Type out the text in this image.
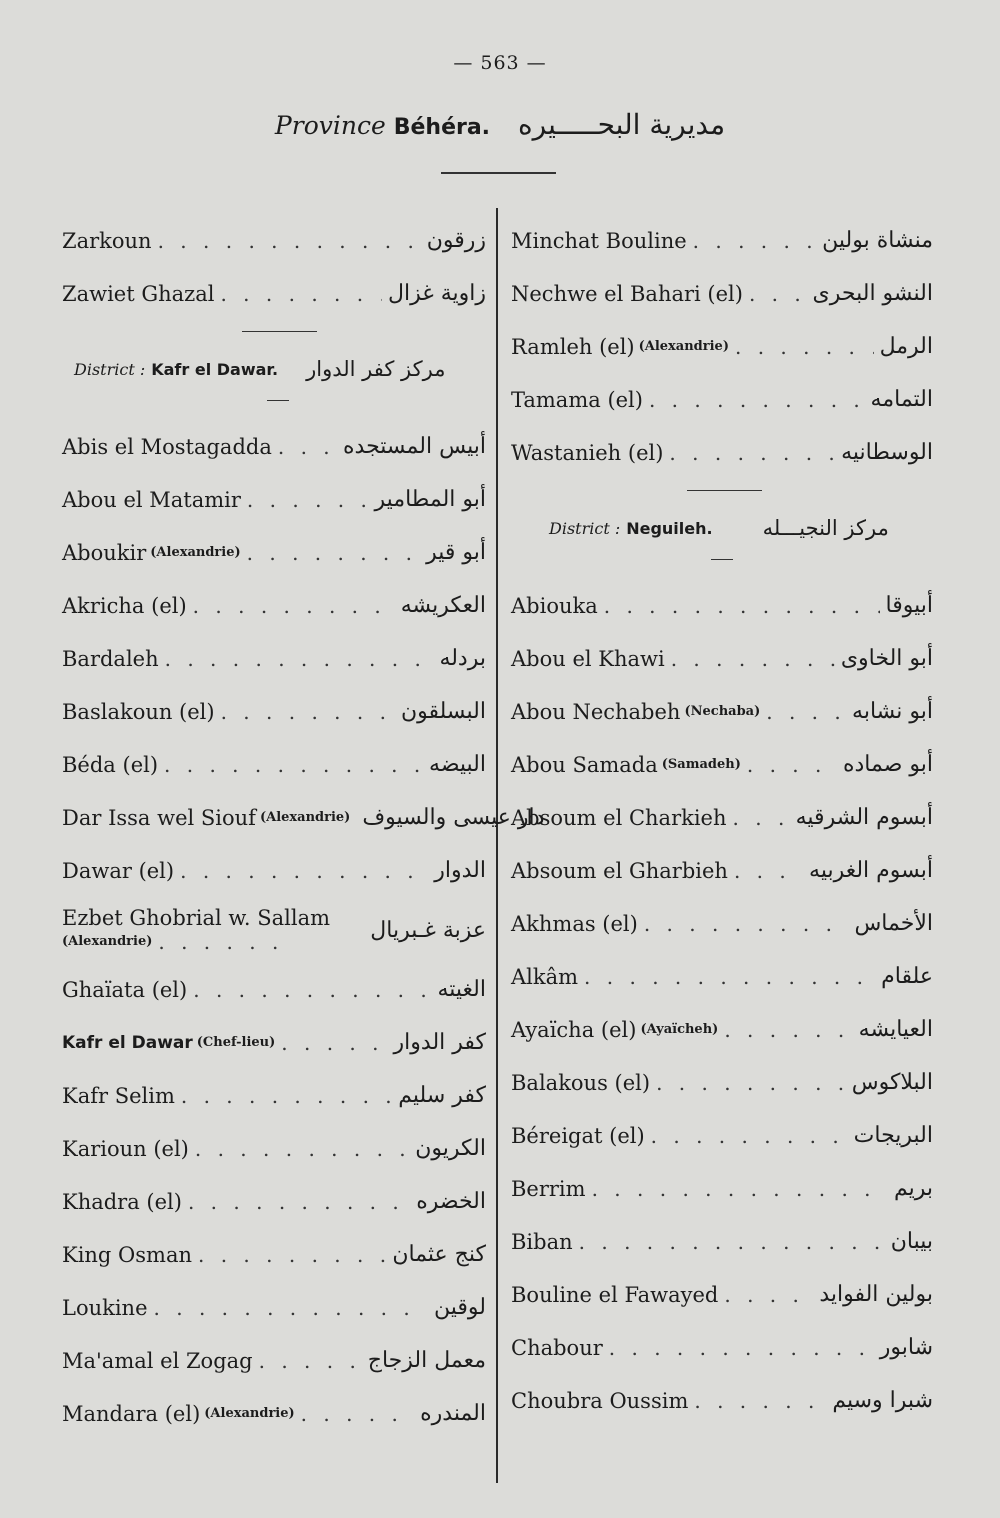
— 563 —
Province Béhéra. مديرية البحـــــيره
Zarkoun . . .	زرقون
Zawiet Ghazal . . .	زاوية غزال
District : Kafr el Dawar. مركز كفر الدوار
Abis el Mostagadda . . .	أبيس المستجده
Abou el Matamir . . .	أبو المطامير
Aboukir (Alexandrie) . . .	أبو قير
Akricha (el) . . .	العكريشه
Bardaleh . . .	بردله
Baslakoun (el) . . .	البسلقون
Béda (el) . . .	البيضه
Dar Issa wel Siouf (Alexandrie) دار عيسى والسيوف
Dawar (el) . . .	الدوار
Ezbet Ghobrial w. Sallam
(Alexandrie) . . .	عزبة غـبريال
Ghaïata (el) . . .	الغيته
Kafr el Dawar (Chef-lieu) . . .	كفر الدوار
Kafr Selim . . .	كفر سليم
Karioun (el) . . .	الكريون
Khadra (el) . . .	الخضره
King Osman . . .	كنج عثمان
Loukine . . .	لوقين
Ma'amal el Zogag . . .	معمل الزجاج
Mandara (el) (Alexandrie) . . .	المندره
Minchat Bouline . . .	منشاة بولين
Nechwe el Bahari (el) . . .	النشو البحرى
Ramleh (el) (Alexandrie) . . .	الرمل
Tamama (el) . . .	التمامه
Wastanieh (el) . . .	الوسطانيه
District : Neguileh. مركز النجيـــله
Abiouka . . .	أبيوقا
Abou el Khawi . . .	أبو الخاوى
Abou Nechabeh (Nechaba) . . .	أبو نشابه
Abou Samada (Samadeh) . . .	أبو صماده
Absoum el Charkieh . . .	أبسوم الشرقيه
Absoum el Gharbieh . . .	أبسوم الغربيه
Akhmas (el) . . .	الأخماس
Alkâm . . .	علقام
Ayaïcha (el) (Ayaïcheh) . . .	العيايشه
Balakous (el) . . .	البلاكوس
Béreigat (el) . . .	البريجات
Berrim . . .	بريم
Biban . . .	بيبان
Bouline el Fawayed . . .	بولين الفوايد
Chabour . . .	شابور
Choubra Oussim . . .	شبرا وسيم
